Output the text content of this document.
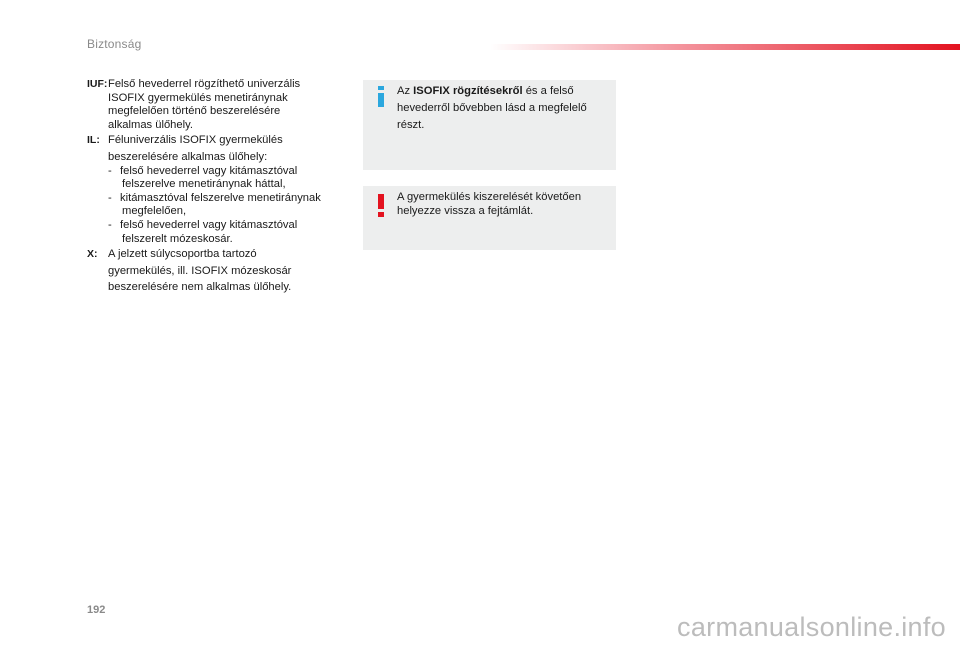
Biztonság
IUF: Felső hevederrel rögzíthető univerzális
ISOFIX gyermekülés menetiránynak
megfelelően történő beszerelésére
alkalmas ülőhely.
IL: Féluniverzális ISOFIX gyermekülés
beszerelésére alkalmas ülőhely:
- felső hevederrel vagy kitámasztóval
felszerelve menetiránynak háttal,
- kitámasztóval felszerelve menetiránynak
megfelelően,
- felső hevederrel vagy kitámasztóval
felszerelt mózeskosár.
X: A jelzett súlycsoportba tartozó
gyermekülés, ill. ISOFIX mózeskosár
beszerelésére nem alkalmas ülőhely.
Az ISOFIX rögzítésekről és a felső
hevederről bővebben lásd a megfelelő
részt.
A gyermekülés kiszerelését követően
helyezze vissza a fejtámlát.
192
carmanualsonline.info
